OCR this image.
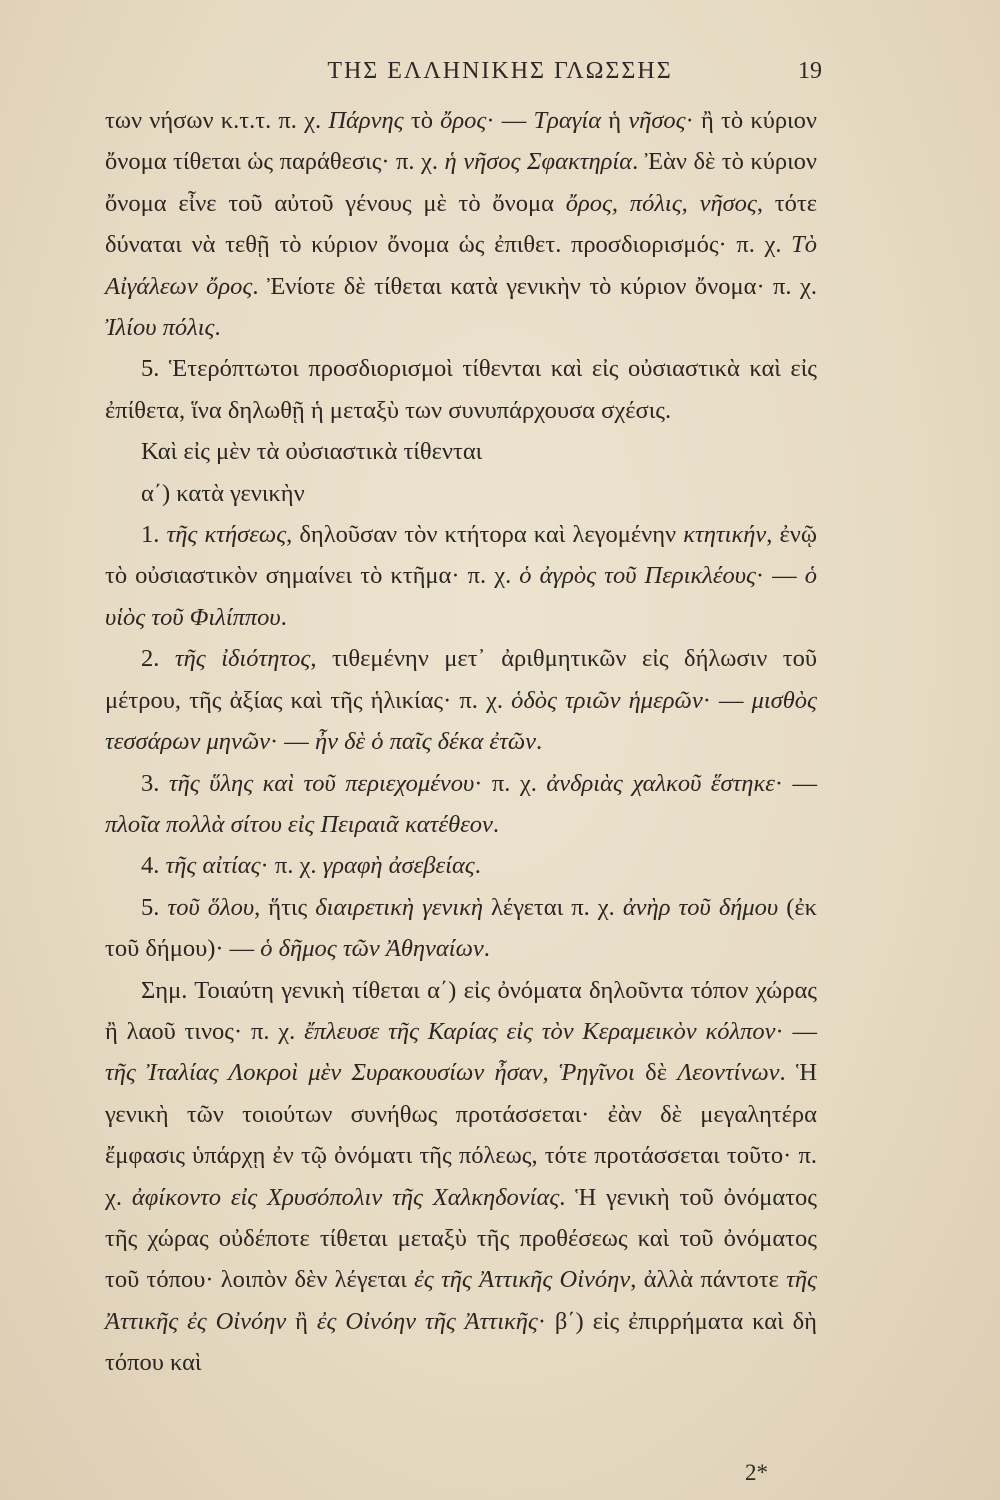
ΤΗΣ ΕΛΛΗΝΙΚΗΣ ΓΛΩΣΣΗΣ	19

των νήσων κ.τ.τ. π. χ. Πάρνης τὸ ὄρος· — Τραγία ἡ νῆσος· ἢ τὸ κύριον ὄνομα τίθεται ὡς παράθεσις· π. χ. ἡ νῆσος Σφακτηρία. Ἐὰν δὲ τὸ κύριον ὄνομα εἶνε τοῦ αὐτοῦ γένους μὲ τὸ ὄνομα ὄρος, πόλις, νῆσος, τότε δύναται νὰ τεθῇ τὸ κύριον ὄνομα ὡς ἐπιθετ. προσδιορισμός· π. χ. Τὸ Αἰγάλεων ὄρος. Ἐνίοτε δὲ τίθεται κατὰ γενικὴν τὸ κύριον ὄνομα· π. χ. Ἰλίου πόλις.

5. Ἑτερόπτωτοι προσδιορισμοὶ τίθενται καὶ εἰς οὐσιαστικὰ καὶ εἰς ἐπίθετα, ἵνα δηλωθῇ ἡ μεταξὺ των συνυπάρχουσα σχέσις.

Καὶ εἰς μὲν τὰ οὐσιαστικὰ τίθενται

α΄) κατὰ γενικὴν

1. τῆς κτήσεως, δηλοῦσαν τὸν κτήτορα καὶ λεγομένην κτητικήν, ἐνῷ τὸ οὐσιαστικὸν σημαίνει τὸ κτῆμα· π. χ. ὁ ἀγρὸς τοῦ Περικλέους· — ὁ υἱὸς τοῦ Φιλίππου.

2. τῆς ἰδιότητος, τιθεμένην μετ᾽ ἀριθμητικῶν εἰς δήλωσιν τοῦ μέτρου, τῆς ἀξίας καὶ τῆς ἡλικίας· π. χ. ὁδὸς τριῶν ἡμερῶν· — μισθὸς τεσσάρων μηνῶν· — ἦν δὲ ὁ παῖς δέκα ἐτῶν.

3. τῆς ὕλης καὶ τοῦ περιεχομένου· π. χ. ἀνδριὰς χαλκοῦ ἕστηκε· — πλοῖα πολλὰ σίτου εἰς Πειραιᾶ κατέθεον.

4. τῆς αἰτίας· π. χ. γραφὴ ἀσεβείας.

5. τοῦ ὅλου, ἥτις διαιρετικὴ γενικὴ λέγεται π. χ. ἀνὴρ τοῦ δήμου (ἐκ τοῦ δήμου)· — ὁ δῆμος τῶν Ἀθηναίων.

Σημ. Τοιαύτη γενικὴ τίθεται α΄) εἰς ὀνόματα δηλοῦντα τόπον χώρας ἢ λαοῦ τινος· π. χ. ἔπλευσε τῆς Καρίας εἰς τὸν Κεραμεικὸν κόλπον· — τῆς Ἰταλίας Λοκροὶ μὲν Συρακουσίων ἦσαν, Ῥηγῖνοι δὲ Λεοντίνων. Ἡ γενικὴ τῶν τοιούτων συνήθως προτάσσεται· ἐὰν δὲ μεγαλητέρα ἔμφασις ὑπάρχῃ ἐν τῷ ὀνόματι τῆς πόλεως, τότε προτάσσεται τοῦτο· π. χ. ἀφίκοντο εἰς Χρυσόπολιν τῆς Χαλκηδονίας. Ἡ γενικὴ τοῦ ὀνόματος τῆς χώρας οὐδέποτε τίθεται μεταξὺ τῆς προθέσεως καὶ τοῦ ὀνόματος τοῦ τόπου· λοιπὸν δὲν λέγεται ἐς τῆς Ἀττικῆς Οἰνόην, ἀλλὰ πάντοτε τῆς Ἀττικῆς ἐς Οἰνόην ἢ ἐς Οἰνόην τῆς Ἀττικῆς· β΄) εἰς ἐπιρρήματα καὶ δὴ τόπου καὶ

2*
